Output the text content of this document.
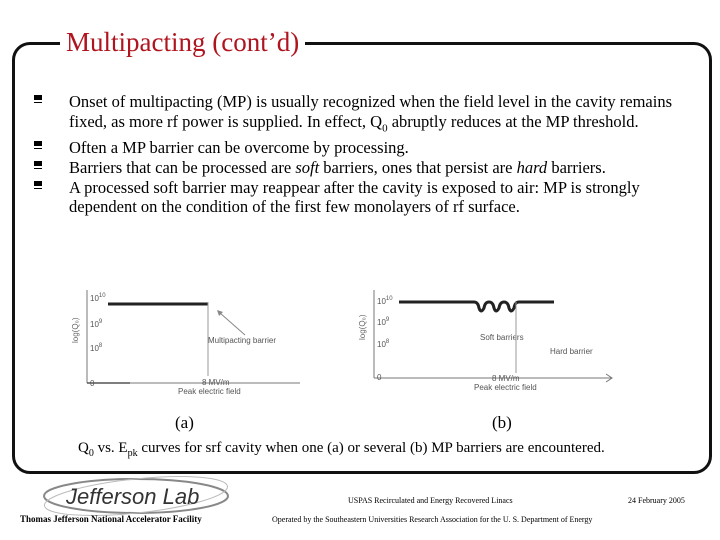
Multipacting (cont’d)
Onset of multipacting (MP) is usually recognized when the field level in the cavity remains fixed, as more rf power is supplied. In effect, $Q_0$ abruptly reduces at the MP threshold.
Often a MP barrier can be overcome by processing.
Barriers that can be processed are soft barriers, ones that persist are hard barriers.
A processed soft barrier may reappear after the cavity is exposed to air: MP is strongly dependent on the condition of the first few monolayers of rf surface.
$10^{10}$
$10^9$
$10^8$
0
log(Q₀)	Multipacting barrier
8 MV/m
Peak electric field
$10^{10}$
$10^9$
$10^8$
0
log(Q₀)	Soft barriers
Hard barrier
8 MV/m
Peak electric field
(a)	(b)
$Q_0$ vs. $E_{pk}$ curves for srf cavity when one (a) or several (b) MP barriers are encountered.
Jefferson Lab	USPAS Recirculated and Energy Recovered Linacs	24 February 2005
Thomas Jefferson National Accelerator Facility	Operated by the Southeastern Universities Research Association for the U. S. Department of Energy
